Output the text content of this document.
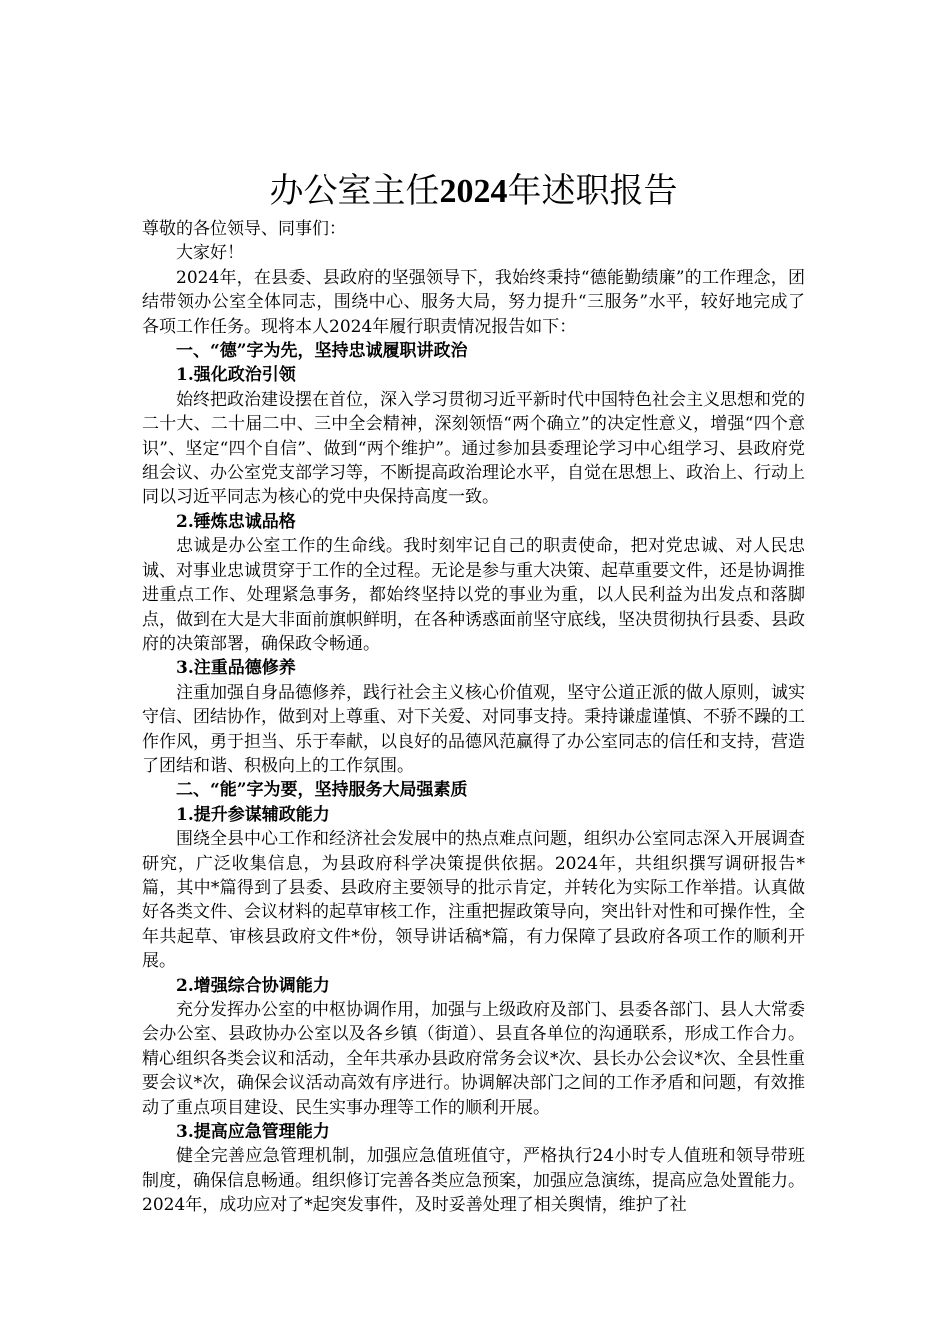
办公室主任2024年述职报告

尊敬的各位领导、同事们：

大家好！

2024年，在县委、县政府的坚强领导下，我始终秉持“德能勤绩廉”的工作理念，团结带领办公室全体同志，围绕中心、服务大局，努力提升“三服务”水平，较好地完成了各项工作任务。现将本人2024年履行职责情况报告如下：

一、“德”字为先，坚持忠诚履职讲政治

1.强化政治引领

始终把政治建设摆在首位，深入学习贯彻习近平新时代中国特色社会主义思想和党的二十大、二十届二中、三中全会精神，深刻领悟“两个确立”的决定性意义，增强“四个意识”、坚定“四个自信”、做到“两个维护”。通过参加县委理论学习中心组学习、县政府党组会议、办公室党支部学习等，不断提高政治理论水平，自觉在思想上、政治上、行动上同以习近平同志为核心的党中央保持高度一致。

2.锤炼忠诚品格

忠诚是办公室工作的生命线。我时刻牢记自己的职责使命，把对党忠诚、对人民忠诚、对事业忠诚贯穿于工作的全过程。无论是参与重大决策、起草重要文件，还是协调推进重点工作、处理紧急事务，都始终坚持以党的事业为重，以人民利益为出发点和落脚点，做到在大是大非面前旗帜鲜明，在各种诱惑面前坚守底线，坚决贯彻执行县委、县政府的决策部署，确保政令畅通。

3.注重品德修养

注重加强自身品德修养，践行社会主义核心价值观，坚守公道正派的做人原则，诚实守信、团结协作，做到对上尊重、对下关爱、对同事支持。秉持谦虚谨慎、不骄不躁的工作作风，勇于担当、乐于奉献，以良好的品德风范赢得了办公室同志的信任和支持，营造了团结和谐、积极向上的工作氛围。

二、“能”字为要，坚持服务大局强素质

1.提升参谋辅政能力

围绕全县中心工作和经济社会发展中的热点难点问题，组织办公室同志深入开展调查研究，广泛收集信息，为县政府科学决策提供依据。2024年，共组织撰写调研报告*篇，其中*篇得到了县委、县政府主要领导的批示肯定，并转化为实际工作举措。认真做好各类文件、会议材料的起草审核工作，注重把握政策导向，突出针对性和可操作性，全年共起草、审核县政府文件*份，领导讲话稿*篇，有力保障了县政府各项工作的顺利开展。

2.增强综合协调能力

充分发挥办公室的中枢协调作用，加强与上级政府及部门、县委各部门、县人大常委会办公室、县政协办公室以及各乡镇（街道）、县直各单位的沟通联系，形成工作合力。精心组织各类会议和活动，全年共承办县政府常务会议*次、县长办公会议*次、全县性重要会议*次，确保会议活动高效有序进行。协调解决部门之间的工作矛盾和问题，有效推动了重点项目建设、民生实事办理等工作的顺利开展。

3.提高应急管理能力

健全完善应急管理机制，加强应急值班值守，严格执行24小时专人值班和领导带班制度，确保信息畅通。组织修订完善各类应急预案，加强应急演练，提高应急处置能力。2024年，成功应对了*起突发事件，及时妥善处理了相关舆情，维护了社
